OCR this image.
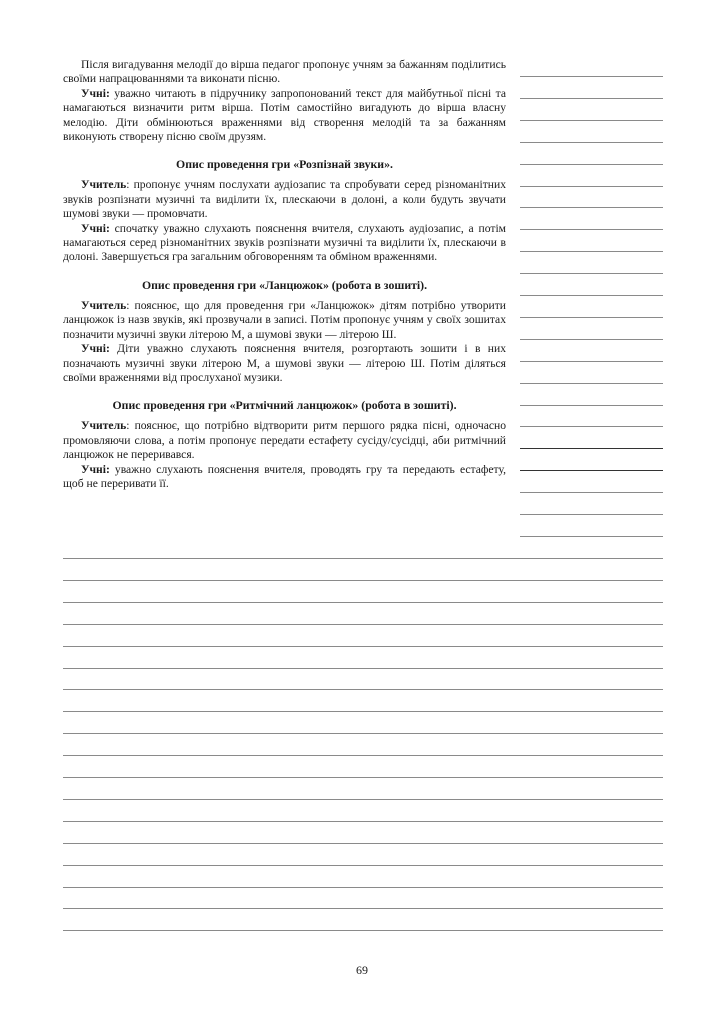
Після вигадування мелодії до вірша педагог пропонує учням за бажанням поділитись своїми напрацюваннями та виконати пісню.

Учні: уважно читають в підручнику запропонований текст для майбутньої пісні та намагаються визначити ритм вірша. Потім самостійно вигадують до вірша власну мелодію. Діти обмінюються враженнями від створення мелодій та за бажанням виконують створену пісню своїм друзям.

Опис проведення гри «Розпізнай звуки».

Учитель: пропонує учням послухати аудіозапис та спробувати серед різноманітних звуків розпізнати музичні та виділити їх, плескаючи в долоні, а коли будуть звучати шумові звуки — промовчати.

Учні: спочатку уважно слухають пояснення вчителя, слухають аудіозапис, а потім намагаються серед різноманітних звуків розпізнати музичні та виділити їх, плескаючи в долоні. Завершується гра загальним обговоренням та обміном враженнями.

Опис проведення гри «Ланцюжок» (робота в зошиті).

Учитель: пояснює, що для проведення гри «Ланцюжок» дітям потрібно утворити ланцюжок із назв звуків, які прозвучали в записі. Потім пропонує учням у своїх зошитах позначити музичні звуки літерою М, а шумові звуки — літерою Ш.

Учні: Діти уважно слухають пояснення вчителя, розгортають зошити і в них позначають музичні звуки літерою М, а шумові звуки — літерою Ш. Потім діляться своїми враженнями від прослуханої музики.

Опис проведення гри «Ритмічний ланцюжок» (робота в зошиті).

Учитель: пояснює, що потрібно відтворити ритм першого рядка пісні, одночасно промовляючи слова, а потім пропонує передати естафету сусіду/сусідці, аби ритмічний ланцюжок не переривався.

Учні: уважно слухають пояснення вчителя, проводять гру та передають естафету, щоб не переривати її.

69
